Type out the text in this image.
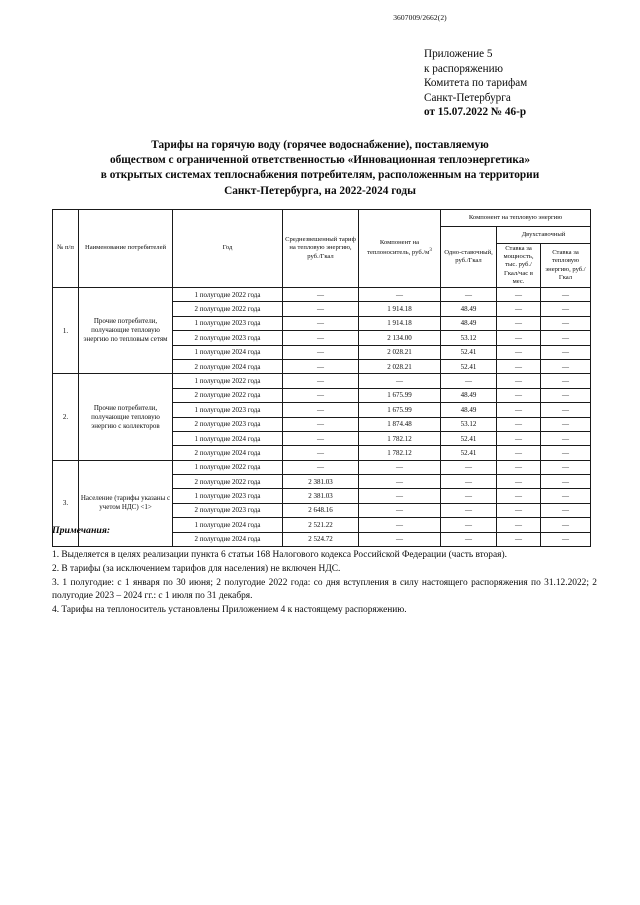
3607009/2662(2)
Приложение 5
к распоряжению
Комитета по тарифам
Санкт-Петербурга
от 15.07.2022 № 46-р
Тарифы на горячую воду (горячее водоснабжение), поставляемую
обществом с ограниченной ответственностью «Инновационная теплоэнергетика»
в открытых системах теплоснабжения потребителям, расположенным на территории
Санкт-Петербурга, на 2022-2024 годы
№ п/п	Наименование потребителей	Год	Среднезвешенный тариф на тепловую энергию, руб./Гкал	Компонент на теплоноситель, $руб./м^3$	Компонент на тепловую энергию		
					Одно-ставочный, руб./Гкал	Двухставочный	
						Ставка за мощность, тыс. руб./Гкал/час в мес.	Ставка за тепловую энергию, руб./Гкал
1.	Прочие потребители, получающие тепловую энергию по тепловым сетям	1 полугодие 2022 года	—	—	—	—	—
		2 полугодие 2022 года	—	1 914.18	48.49	—	—
		1 полугодие 2023 года	—	1 914.18	48.49	—	—
		2 полугодие 2023 года	—	2 134.00	53.12	—	—
		1 полугодие 2024 года	—	2 028.21	52.41	—	—
		2 полугодие 2024 года	—	2 028.21	52.41	—	—
2.	Прочие потребители, получающие тепловую энергию с коллекторов	1 полугодие 2022 года	—	—	—	—	—
		2 полугодие 2022 года	—	1 675.99	48.49	—	—
		1 полугодие 2023 года	—	1 675.99	48.49	—	—
		2 полугодие 2023 года	—	1 874.48	53.12	—	—
		1 полугодие 2024 года	—	1 782.12	52.41	—	—
		2 полугодие 2024 года	—	1 782.12	52.41	—	—
3.	Население (тарифы указаны с учетом НДС) <1>	1 полугодие 2022 года	—	—	—	—	—
		2 полугодие 2022 года	2 381.03	—	—	—	—
		1 полугодие 2023 года	2 381.03	—	—	—	—
		2 полугодие 2023 года	2 648.16	—	—	—	—
		1 полугодие 2024 года	2 521.22	—	—	—	—
		2 полугодие 2024 года	2 524.72	—	—	—	—
Примечания:

1. Выделяется в целях реализации пункта 6 статьи 168 Налогового кодекса Российской Федерации (часть вторая).

2. В тарифы (за исключением тарифов для населения) не включен НДС.

3. 1 полугодие: с 1 января по 30 июня; 2 полугодие 2022 года: со дня вступления в силу настоящего распоряжения по 31.12.2022; 2 полугодие 2023 – 2024 гг.: с 1 июля по 31 декабря.

4. Тарифы на теплоноситель установлены Приложением 4 к настоящему распоряжению.
